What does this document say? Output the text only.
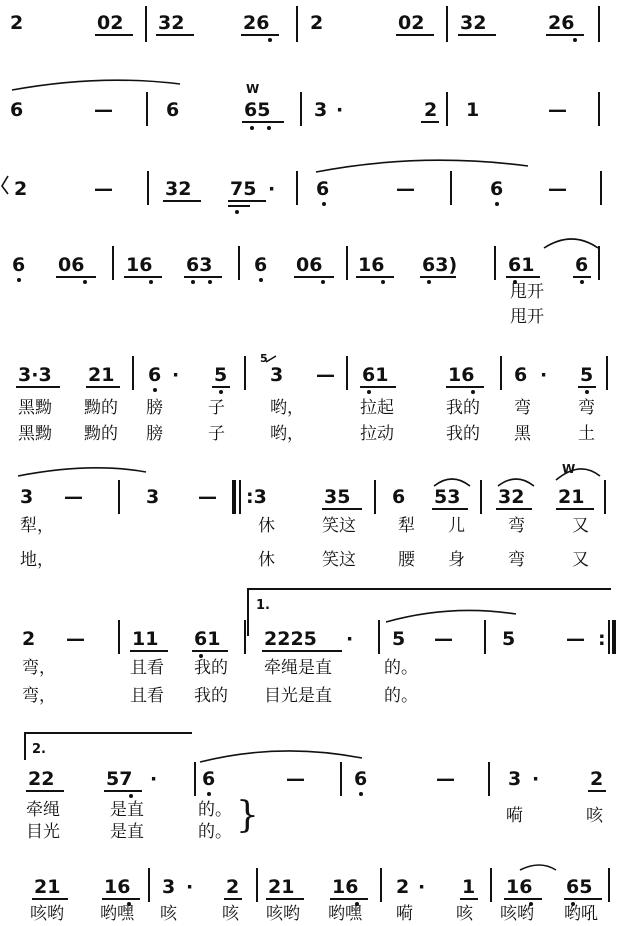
2	02 32	26 2	02 32	26
6	—	6
W
65 3 ·	2 1	—
2	—	32 75 · 6	—	6 —
6 06 16 63 6 06 16 63)	61 6
甩开
甩开
3·3 21 6 · 5
5
3 — 61	16 6 · 5
黑黝 黝的 膀	子	哟，	拉起	我的 弯	弯
黑黝 黝的 膀	子	哟，	拉动	我的 黑	土
3 —	3 — :3	35 6 53 32
W
21
犁，	休	笑这 犁 儿	弯	又
地，	休	笑这 腰 身	弯	又
1.
2 — 11 61 2225 · 5 —	5	— :
弯，	且看 我的 牵绳是直	的。
弯，	且看 我的 目光是直	的。
2.
22	57 · 6	—	6	—	3 ·	2
牵绳	是直	的。 }	嗬	咳
目光	是直	的。
21 16 3 · 2 21 16 2 · 1 16 65
咳哟 哟嘿 咳	咳 咳哟 哟嘿 嗬	咳 咳哟 哟吼
